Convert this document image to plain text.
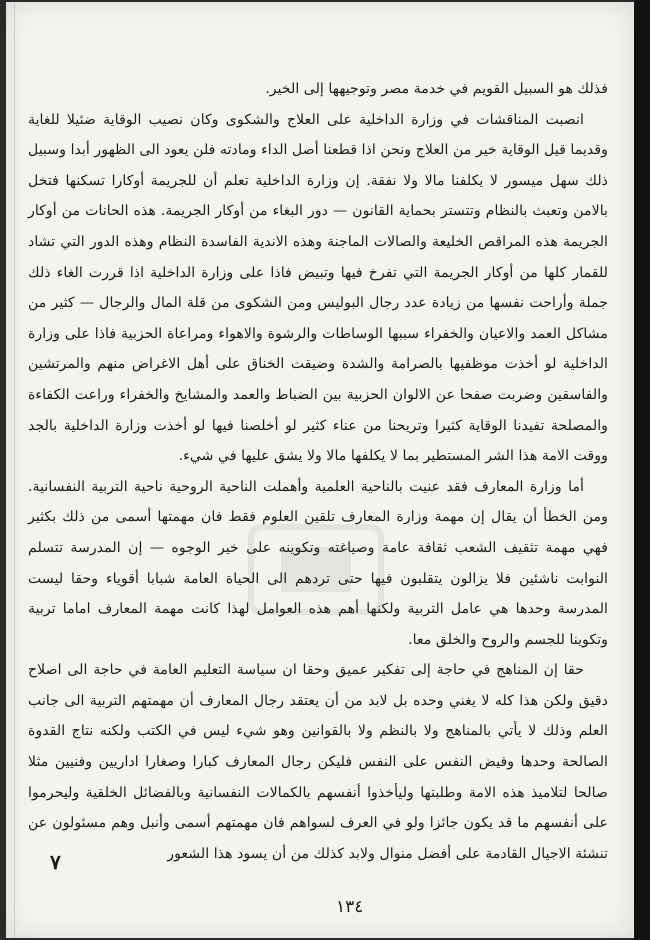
فذلك هو السبيل القويم في خدمة مصر وتوجيهها إلى الخير.

انصبت المناقشات في وزارة الداخلية على العلاج والشكوى وكان نصيب الوقاية ضئيلا للغاية وقديما قيل الوقاية خير من العلاج ونحن اذا قطعنا أصل الداء ومادته فلن يعود الى الظهور أبدا وسبيل ذلك سهل ميسور لا يكلفنا مالا ولا نفقة. إن وزارة الداخلية تعلم أن للجريمة أوكارا تسكنها فتخل بالامن وتعبث بالنظام وتتستر بحماية القانون — دور البغاء من أوكار الجريمة. هذه الحانات من أوكار الجريمة هذه المراقص الخليعة والصالات الماجنة وهذه الاندية الفاسدة النظام وهذه الدور التي تشاد للقمار كلها من أوكار الجريمة التي تفرخ فيها وتبيض فاذا على وزارة الداخلية اذا قررت الغاء ذلك جملة وأراحت نفسها من زيادة عدد رجال البوليس ومن الشكوى من قلة المال والرجال — كثير من مشاكل العمد والاعيان والخفراء سببها الوساطات والرشوة والاهواء ومراعاة الحزبية فاذا على وزارة الداخلية لو أخذت موظفيها بالصرامة والشدة وضيقت الخناق على أهل الاغراض منهم والمرتشين والفاسقين وضربت صفحا عن الالوان الحزبية بين الضباط والعمد والمشايخ والخفراء وراعت الكفاءة والمصلحة تفيدنا الوقاية كثيرا وتريحنا من عناء كثير لو أخلصنا فيها لو أخذت وزارة الداخلية بالجد ووقت الامة هذا الشر المستطير بما لا يكلفها مالا ولا يشق عليها في شيء.

أما وزارة المعارف فقد عنيت بالناحية العلمية وأهملت الناحية الروحية ناحية التربية النفسانية. ومن الخطأ أن يقال إن مهمة وزارة المعارف تلقين العلوم فقط فان مهمتها أسمى من ذلك بكثير فهي مهمة تثقيف الشعب ثقافة عامة وصياغته وتكوينه على خير الوجوه — إن المدرسة تتسلم النوابت ناشئين فلا يزالون يتقلبون فيها حتى تردهم الى الحياة العامة شبابا أقوياء وحقا ليست المدرسة وحدها هي عامل التربية ولكنها أهم هذه العوامل لهذا كانت مهمة المعارف اماما تربية وتكوينا للجسم والروح والخلق معا.

حقا إن المناهج في حاجة إلى تفكير عميق وحقا ان سياسة التعليم العامة في حاجة الى اصلاح دقيق ولكن هذا كله لا يغني وحده بل لابد من أن يعتقد رجال المعارف أن مهمتهم التربية الى جانب العلم وذلك لا يأتي بالمناهج ولا بالنظم ولا بالقوانين وهو شيء ليس في الكتب ولكنه نتاج القدوة الصالحة وحدها وفيض النفس على النفس فليكن رجال المعارف كبارا وصغارا اداريين وفنيين مثلا صالحا لتلاميذ هذه الامة وطلبتها وليأخذوا أنفسهم بالكمالات النفسانية وبالفضائل الخلقية وليحرموا على أنفسهم ما قد يكون جائزا ولو في العرف لسواهم فان مهمتهم أسمى وأنبل وهم مسئولون عن تنشئة الاجيال القادمة على أفضل منوال ولابد كذلك من أن يسود هذا الشعور

٧
١٣٤
